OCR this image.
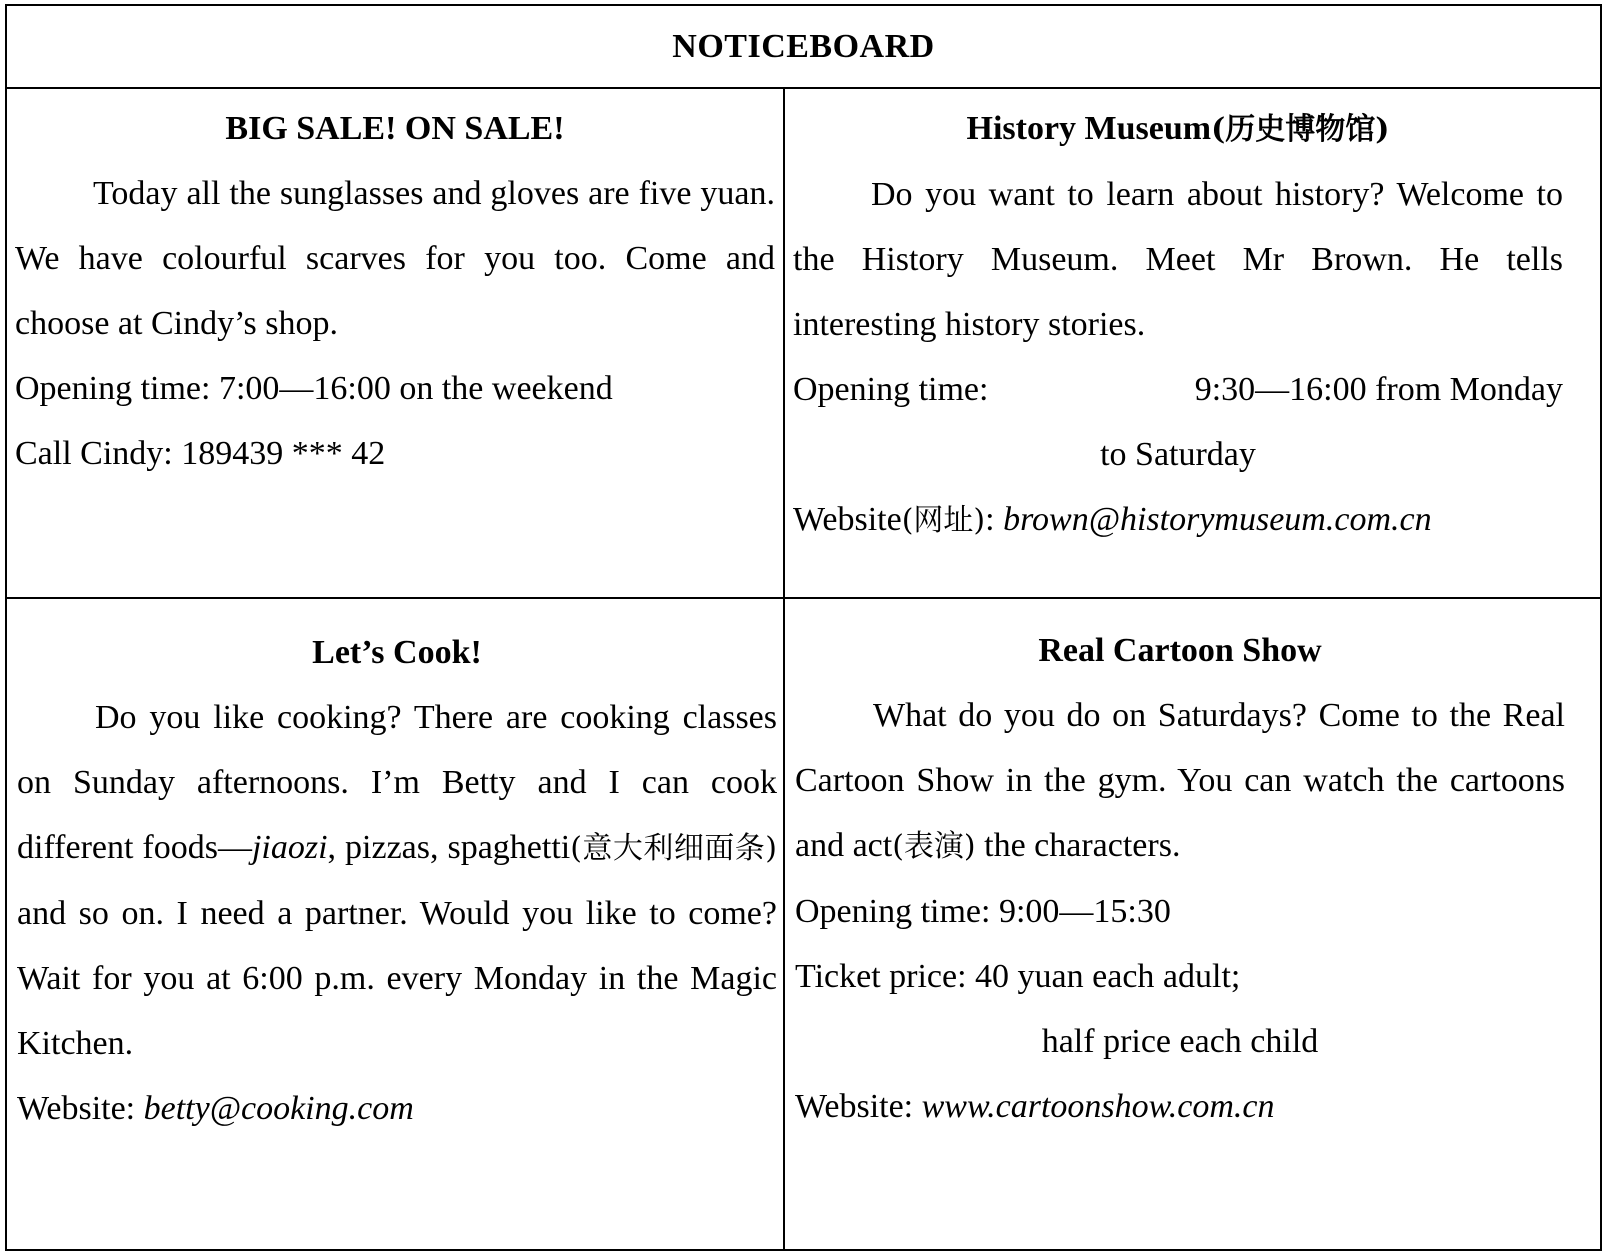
NOTICEBOARD
BIG SALE! ON SALE!

Today all the sunglasses and gloves are five yuan. We have colourful scarves for you too. Come and choose at Cindy’s shop.

Opening time: 7:00—16:00 on the weekend

Call Cindy: 189439 *** 42

History Museum(历史博物馆)

Do you want to learn about history? Welcome to the History Museum. Meet Mr Brown. He tells interesting history stories.

Opening time:	9:30—16:00 from Monday

to Saturday

Website(网址): brown@historymuseum.com.cn

Let’s Cook!

Do you like cooking? There are cooking classes on Sunday afternoons. I’m Betty and I can cook different foods—jiaozi, pizzas, spaghetti(意大利细面条) and so on. I need a partner. Would you like to come? Wait for you at 6:00 p.m. every Monday in the Magic Kitchen.

Website: betty@cooking.com

Real Cartoon Show

What do you do on Saturdays? Come to the Real Cartoon Show in the gym. You can watch the cartoons and act(表演) the characters.

Opening time: 9:00—15:30

Ticket price: 40 yuan each adult;

half price each child

Website: www.cartoonshow.com.cn
